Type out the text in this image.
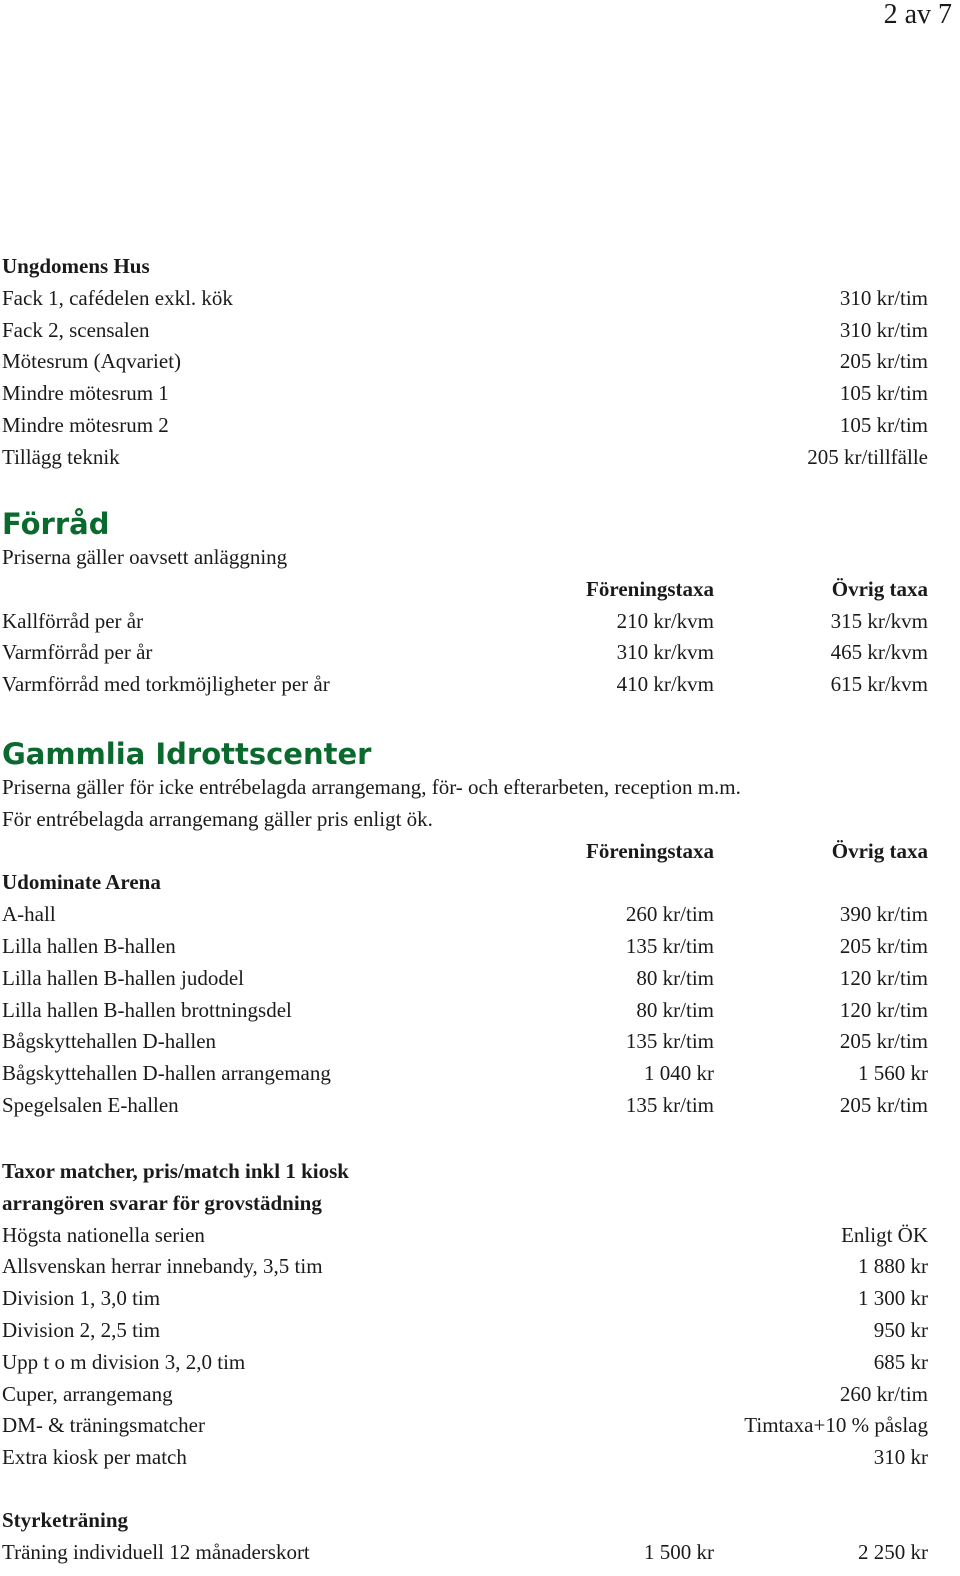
2 av 7
Ungdomens Hus
Fack 1, cafédelen exkl. kök	310 kr/tim
Fack 2, scensalen	310 kr/tim
Mötesrum (Aqvariet)	205 kr/tim
Mindre mötesrum 1	105 kr/tim
Mindre mötesrum 2	105 kr/tim
Tillägg teknik	205 kr/tillfälle
Förråd
Priserna gäller oavsett anläggning
Föreningstaxa	Övrig taxa
Kallförråd per år	210 kr/kvm	315 kr/kvm
Varmförråd per år	310 kr/kvm	465 kr/kvm
Varmförråd med torkmöjligheter per år	410 kr/kvm	615 kr/kvm
Gammlia Idrottscenter
Priserna gäller för icke entrébelagda arrangemang, för- och efterarbeten, reception m.m.
För entrébelagda arrangemang gäller pris enligt ök.
Föreningstaxa	Övrig taxa
Udominate Arena
A-hall	260 kr/tim	390 kr/tim
Lilla hallen B-hallen	135 kr/tim	205 kr/tim
Lilla hallen B-hallen judodel	80 kr/tim	120 kr/tim
Lilla hallen B-hallen brottningsdel	80 kr/tim	120 kr/tim
Bågskyttehallen D-hallen	135 kr/tim	205 kr/tim
Bågskyttehallen D-hallen arrangemang	1 040 kr	1 560 kr
Spegelsalen E-hallen	135 kr/tim	205 kr/tim
Taxor matcher, pris/match inkl 1 kiosk
arrangören svarar för grovstädning
Högsta nationella serien	Enligt ÖK
Allsvenskan herrar innebandy, 3,5 tim	1 880 kr
Division 1, 3,0 tim	1 300 kr
Division 2, 2,5 tim	950 kr
Upp t o m division 3, 2,0 tim	685 kr
Cuper, arrangemang	260 kr/tim
DM- & träningsmatcher	Timtaxa+10 % påslag
Extra kiosk per match	310 kr
Styrketräning
Träning individuell 12 månaderskort	1 500 kr	2 250 kr
